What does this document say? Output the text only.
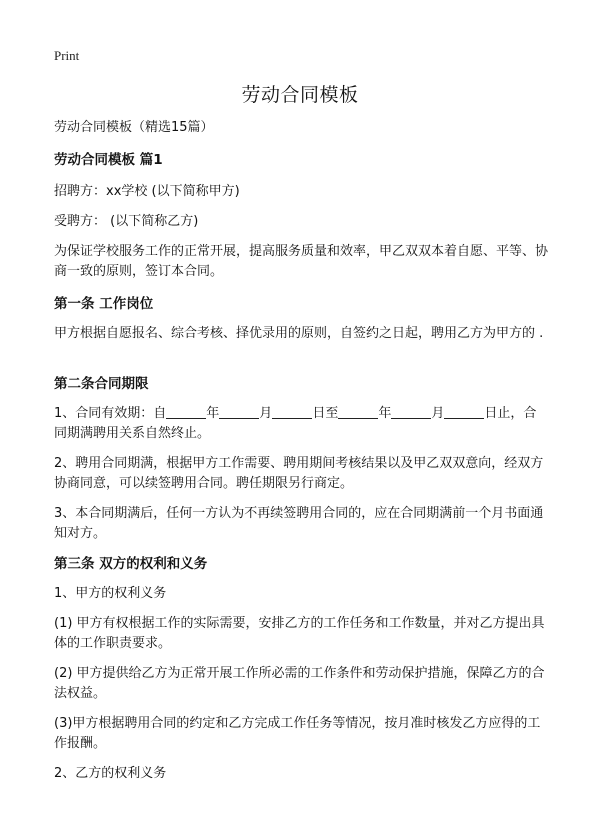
Print
劳动合同模板

劳动合同模板（精选15篇）

劳动合同模板 篇1

招聘方：xx学校 (以下简称甲方)

受聘方： (以下简称乙方)

为保证学校服务工作的正常开展，提高服务质量和效率，甲乙双双本着自愿、平等、协商一致的原则，签订本合同。

第一条 工作岗位

甲方根据自愿报名、综合考核、择优录用的原则，自签约之日起，聘用乙方为甲方的 .

第二条合同期限

1、合同有效期：自	年	月	日至	年	月	日止，合同期满聘用关系自然终止。

2、聘用合同期满，根据甲方工作需要、聘用期间考核结果以及甲乙双双意向，经双方协商同意，可以续签聘用合同。聘任期限另行商定。

3、本合同期满后，任何一方认为不再续签聘用合同的，应在合同期满前一个月书面通知对方。

第三条 双方的权利和义务

1、甲方的权利义务

(1) 甲方有权根据工作的实际需要，安排乙方的工作任务和工作数量，并对乙方提出具体的工作职责要求。

(2) 甲方提供给乙方为正常开展工作所必需的工作条件和劳动保护措施，保障乙方的合法权益。

(3)甲方根据聘用合同的约定和乙方完成工作任务等情况，按月准时核发乙方应得的工作报酬。

2、乙方的权利义务
